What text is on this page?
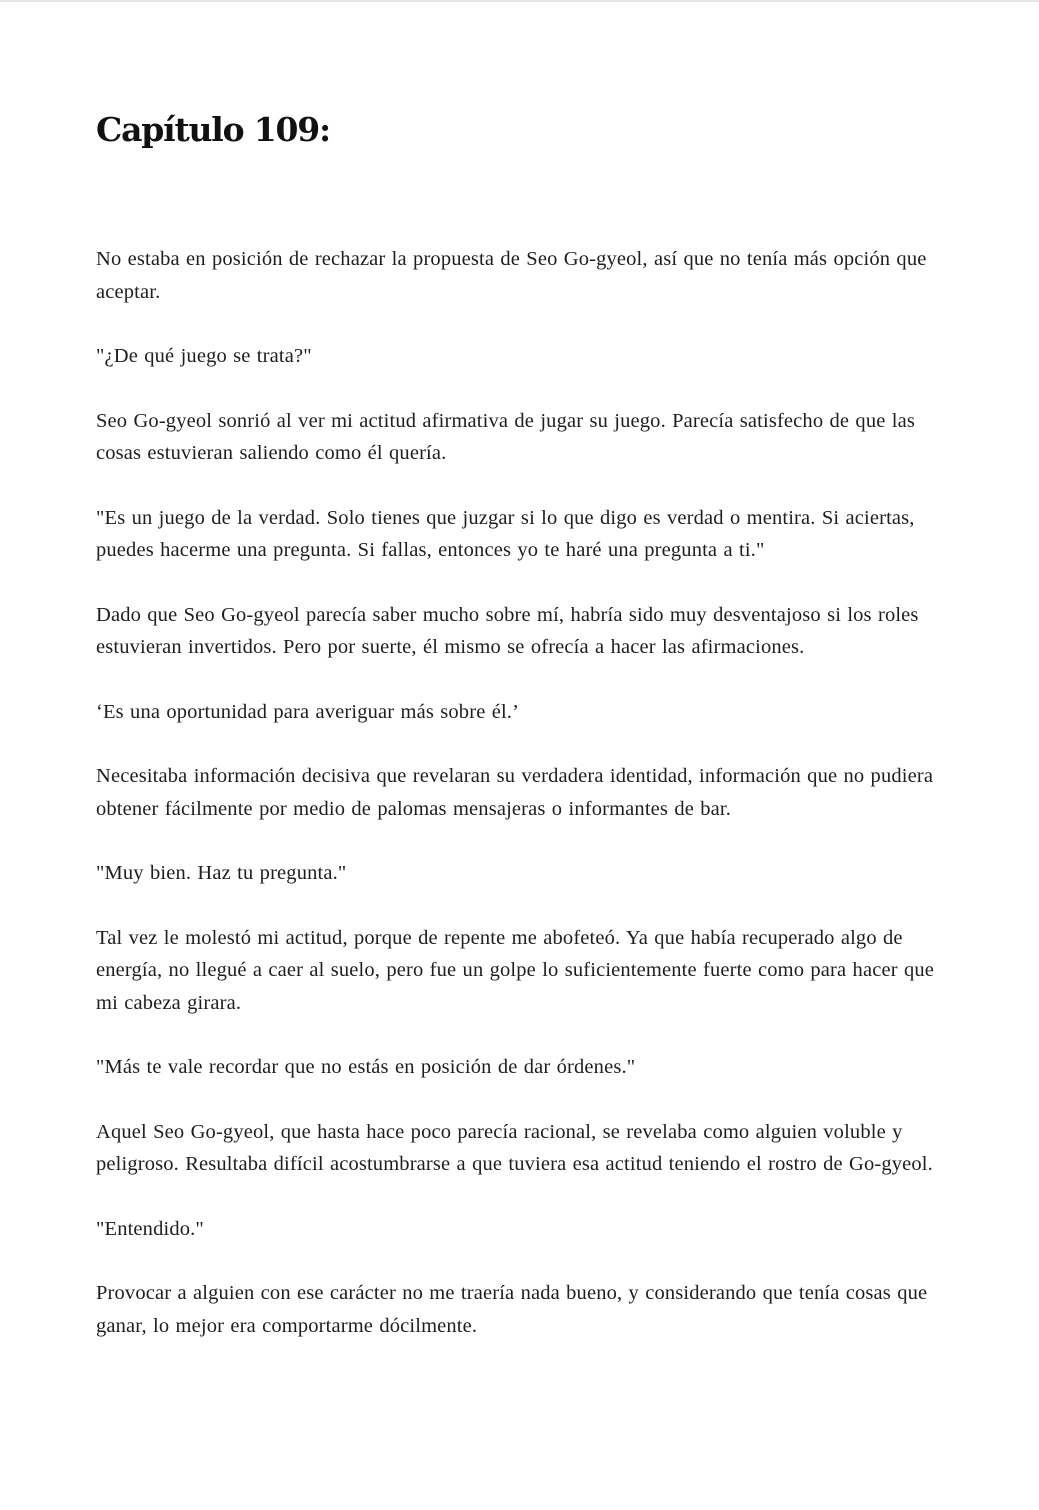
Capítulo 109:

No estaba en posición de rechazar la propuesta de Seo Go-gyeol, así que no tenía más opción que aceptar.

"¿De qué juego se trata?"

Seo Go-gyeol sonrió al ver mi actitud afirmativa de jugar su juego. Parecía satisfecho de que las cosas estuvieran saliendo como él quería.

"Es un juego de la verdad. Solo tienes que juzgar si lo que digo es verdad o mentira. Si aciertas, puedes hacerme una pregunta. Si fallas, entonces yo te haré una pregunta a ti."

Dado que Seo Go-gyeol parecía saber mucho sobre mí, habría sido muy desventajoso si los roles estuvieran invertidos. Pero por suerte, él mismo se ofrecía a hacer las afirmaciones.

‘Es una oportunidad para averiguar más sobre él.’

Necesitaba información decisiva que revelaran su verdadera identidad, información que no pudiera obtener fácilmente por medio de palomas mensajeras o informantes de bar.

"Muy bien. Haz tu pregunta."

Tal vez le molestó mi actitud, porque de repente me abofeteó. Ya que había recuperado algo de energía, no llegué a caer al suelo, pero fue un golpe lo suficientemente fuerte como para hacer que mi cabeza girara.

"Más te vale recordar que no estás en posición de dar órdenes."

Aquel Seo Go-gyeol, que hasta hace poco parecía racional, se revelaba como alguien voluble y peligroso. Resultaba difícil acostumbrarse a que tuviera esa actitud teniendo el rostro de Go-gyeol.

"Entendido."

Provocar a alguien con ese carácter no me traería nada bueno, y considerando que tenía cosas que ganar, lo mejor era comportarme dócilmente.
